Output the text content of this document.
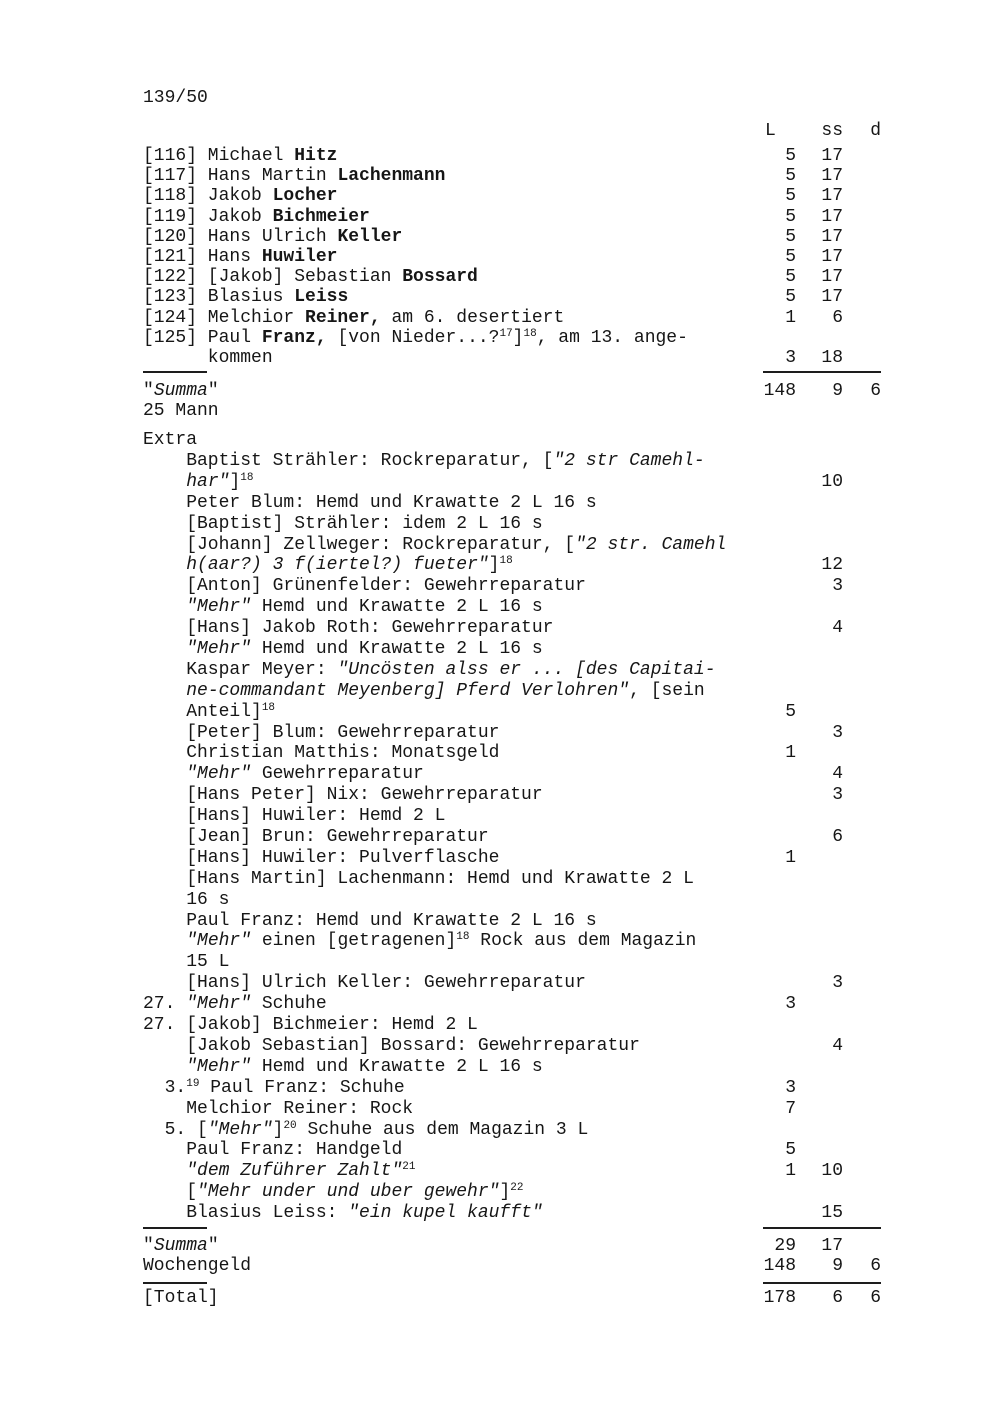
139/50
L	ss	d
[116] Michael Hitz	5	17
[117] Hans Martin Lachenmann	5	17
[118] Jakob Locher	5	17
[119] Jakob Bichmeier	5	17
[120] Hans Ulrich Keller	5	17
[121] Hans Huwiler	5	17
[122] [Jakob] Sebastian Bossard	5	17
[123] Blasius Leiss	5	17
[124] Melchior Reiner, am 6. desertiert	1	6
[125] Paul Franz, [von Nieder...?$^{17}$]$^{18}$, am 13. ange-
kommen	3	18
"Summa"	148	9	6
25 Mann
Extra
Baptist Strähler: Rockreparatur, ["2 str Camehl-
har"]$^{18}$	10
Peter Blum: Hemd und Krawatte 2 L 16 s
[Baptist] Strähler: idem 2 L 16 s
[Johann] Zellweger: Rockreparatur, ["2 str. Camehl
h(aar?) 3 f(iertel?) fueter"]$^{18}$	12
[Anton] Grünenfelder: Gewehrreparatur	3
"Mehr" Hemd und Krawatte 2 L 16 s
[Hans] Jakob Roth: Gewehrreparatur	4
"Mehr" Hemd und Krawatte 2 L 16 s
Kaspar Meyer: "Uncösten alss er ... [des Capitai-
ne-commandant Meyenberg] Pferd Verlohren", [sein
Anteil]$^{18}$	5
[Peter] Blum: Gewehrreparatur	3
Christian Matthis: Monatsgeld	1
"Mehr" Gewehrreparatur	4
[Hans Peter] Nix: Gewehrreparatur	3
[Hans] Huwiler: Hemd 2 L
[Jean] Brun: Gewehrreparatur	6
[Hans] Huwiler: Pulverflasche	1
[Hans Martin] Lachenmann: Hemd und Krawatte 2 L
16 s
Paul Franz: Hemd und Krawatte 2 L 16 s
"Mehr" einen [getragenen]$^{18}$ Rock aus dem Magazin
15 L
[Hans] Ulrich Keller: Gewehrreparatur	3
27. "Mehr" Schuhe	3
27. [Jakob] Bichmeier: Hemd 2 L
[Jakob Sebastian] Bossard: Gewehrreparatur	4
"Mehr" Hemd und Krawatte 2 L 16 s
3.19 Paul Franz: Schuhe	3
Melchior Reiner: Rock	7
5. ["Mehr"]$^{20}$ Schuhe aus dem Magazin 3 L
Paul Franz: Handgeld	5
"dem Zuführer Zahlt"$^{21}$	1	10
["Mehr under und uber gewehr"]$^{22}$
Blasius Leiss: "ein kupel kaufft"	15
"Summa"	29	17
Wochengeld	148	9	6
[Total]	178	6	6
